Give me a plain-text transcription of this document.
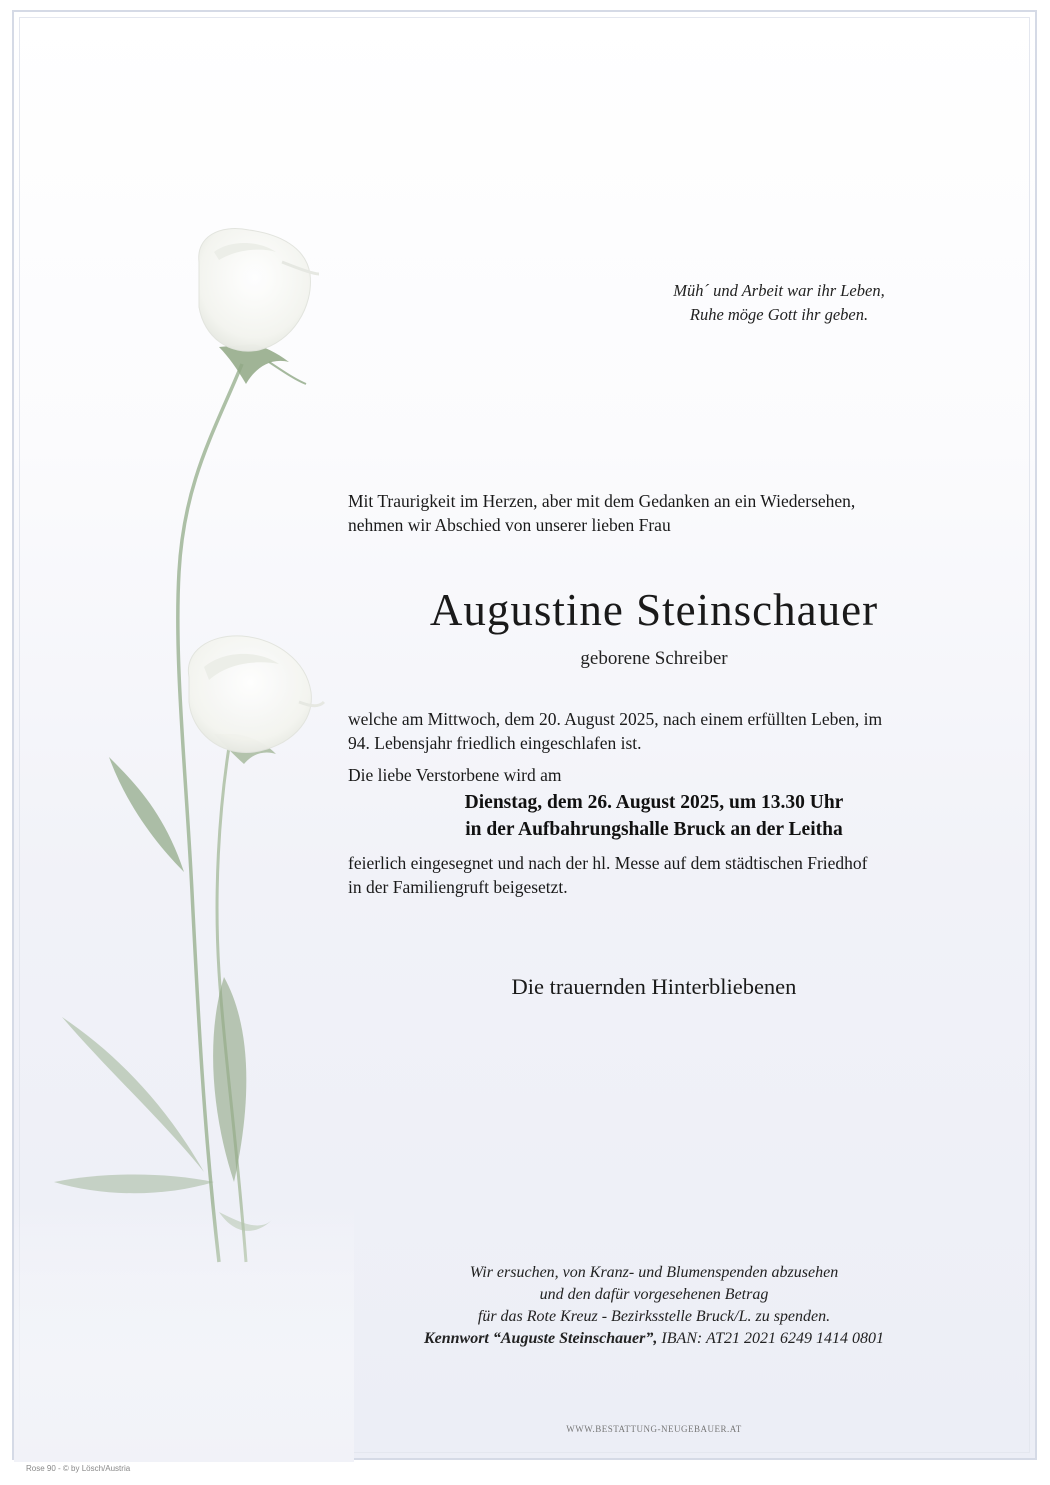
Müh´ und Arbeit war ihr Leben,
Ruhe möge Gott ihr geben.
Mit Traurigkeit im Herzen, aber mit dem Gedanken an ein Wiedersehen,
nehmen wir Abschied von unserer lieben Frau
Augustine Steinschauer
geborene Schreiber
welche am Mittwoch, dem 20. August 2025, nach einem erfüllten Leben, im
94. Lebensjahr friedlich eingeschlafen ist.
Die liebe Verstorbene wird am
Dienstag, dem 26. August 2025, um 13.30 Uhr
in der Aufbahrungshalle Bruck an der Leitha
feierlich eingesegnet und nach der hl. Messe auf dem städtischen Friedhof
in der Familiengruft beigesetzt.
Die trauernden Hinterbliebenen
Wir ersuchen, von Kranz- und Blumenspenden abzusehen
und den dafür vorgesehenen Betrag
für das Rote Kreuz - Bezirksstelle Bruck/L. zu spenden.
Kennwort “Auguste Steinschauer”, IBAN: AT21 2021 6249 1414 0801
WWW.BESTATTUNG-NEUGEBAUER.AT
Rose 90 - © by Lösch/Austria
